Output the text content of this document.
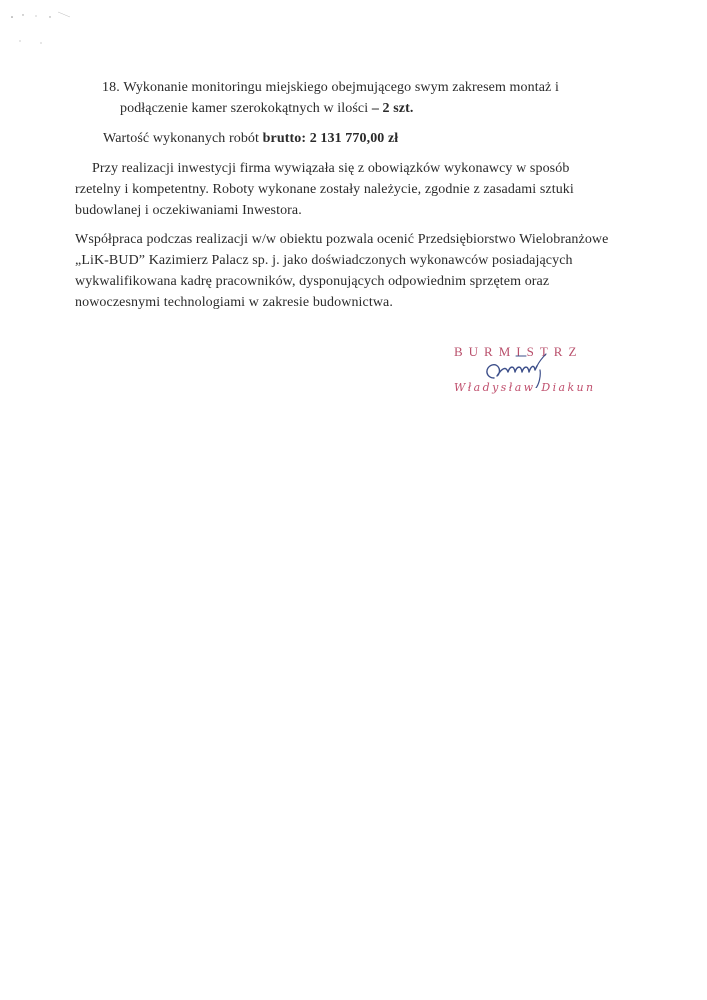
18. Wykonanie monitoringu miejskiego obejmującego swym zakresem montaż i
podłączenie kamer szerokokątnych w ilości – 2 szt.
Wartość wykonanych robót brutto: 2 131 770,00 zł

Przy realizacji inwestycji firma wywiązała się z obowiązków wykonawcy w sposób rzetelny i kompetentny. Roboty wykonane zostały należycie, zgodnie z zasadami sztuki budowlanej i oczekiwaniami Inwestora.

Współpraca podczas realizacji w/w obiektu pozwala ocenić Przedsiębiorstwo Wielobranżowe „LiK-BUD” Kazimierz Palacz sp. j. jako doświadczonych wykonawców posiadających wykwalifikowana kadrę pracowników, dysponujących odpowiednim sprzętem oraz nowoczesnymi technologiami w zakresie budownictwa.

BURMISTRZ
Władysław Diakun
